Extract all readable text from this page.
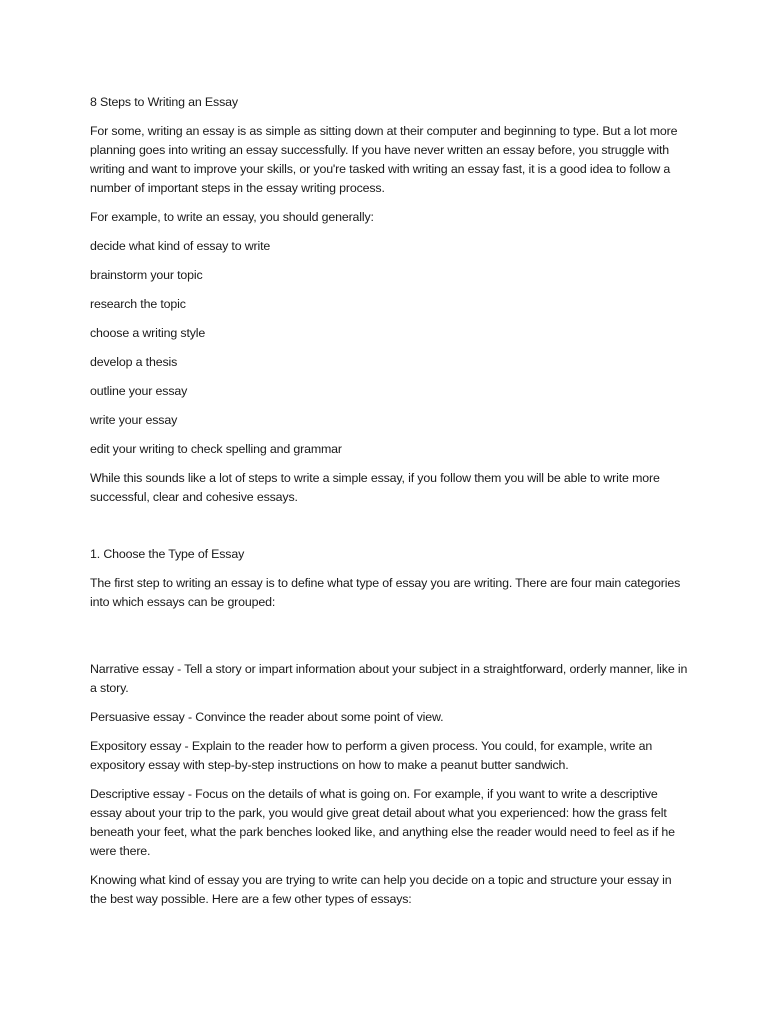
8 Steps to Writing an Essay

For some, writing an essay is as simple as sitting down at their computer and beginning to type. But a lot more planning goes into writing an essay successfully. If you have never written an essay before, you struggle with writing and want to improve your skills, or you're tasked with writing an essay fast, it is a good idea to follow a number of important steps in the essay writing process.

For example, to write an essay, you should generally:

decide what kind of essay to write

brainstorm your topic

research the topic

choose a writing style

develop a thesis

outline your essay

write your essay

edit your writing to check spelling and grammar

While this sounds like a lot of steps to write a simple essay, if you follow them you will be able to write more successful, clear and cohesive essays.

1. Choose the Type of Essay

The first step to writing an essay is to define what type of essay you are writing. There are four main categories into which essays can be grouped:

Narrative essay - Tell a story or impart information about your subject in a straightforward, orderly manner, like in a story.

Persuasive essay - Convince the reader about some point of view.

Expository essay - Explain to the reader how to perform a given process. You could, for example, write an expository essay with step-by-step instructions on how to make a peanut butter sandwich.

Descriptive essay - Focus on the details of what is going on. For example, if you want to write a descriptive essay about your trip to the park, you would give great detail about what you experienced: how the grass felt beneath your feet, what the park benches looked like, and anything else the reader would need to feel as if he were there.

Knowing what kind of essay you are trying to write can help you decide on a topic and structure your essay in the best way possible. Here are a few other types of essays:
